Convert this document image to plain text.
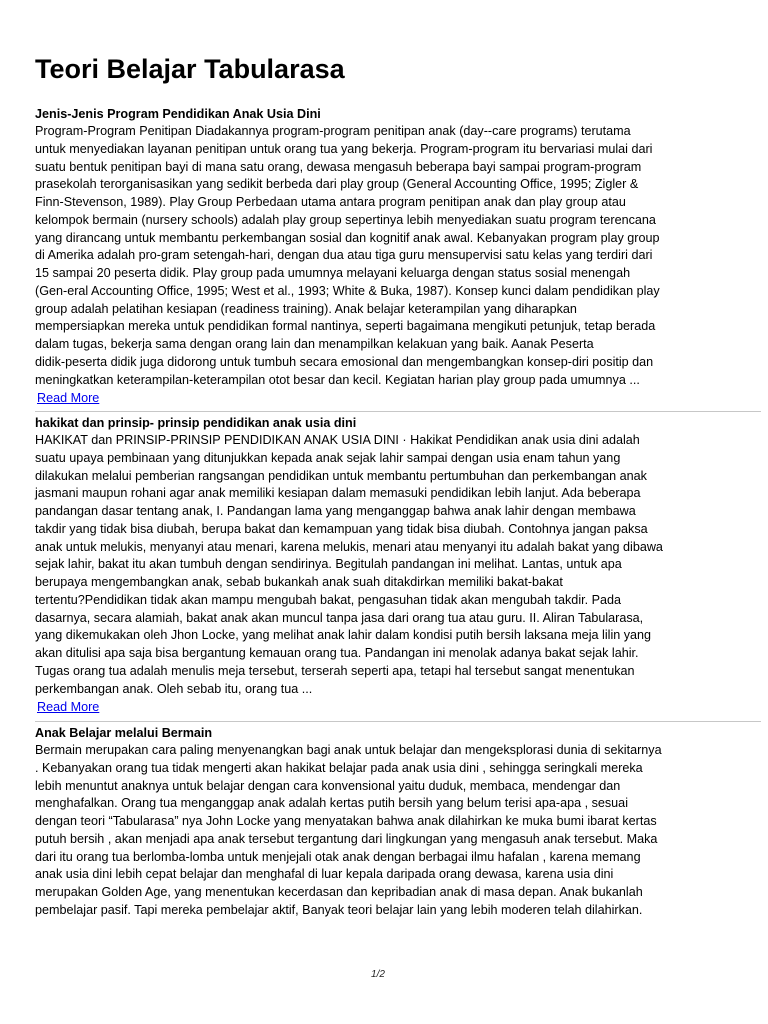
Teori Belajar Tabularasa
Jenis-Jenis Program Pendidikan Anak Usia Dini

Program-Program Penitipan Diadakannya program-program penitipan anak (day--care programs) terutama
untuk menyediakan layanan penitipan untuk orang tua yang bekerja. Program-program itu bervariasi mulai dari
suatu bentuk penitipan bayi di mana satu orang, dewasa mengasuh beberapa bayi sampai program-program
prasekolah terorganisasikan yang sedikit berbeda dari play group (General Accounting Office, 1995; Zigler &
Finn-Stevenson, 1989). Play Group Perbedaan utama antara program penitipan anak dan play group atau
kelompok bermain (nursery schools) adalah play group sepertinya lebih menyediakan suatu program terencana
yang dirancang untuk membantu perkembangan sosial dan kognitif anak awal. Kebanyakan program play group
di Amerika adalah pro-gram setengah-hari, dengan dua atau tiga guru mensupervisi satu kelas yang terdiri dari
15 sampai 20 peserta didik. Play group pada umumnya melayani keluarga dengan status sosial menengah
(Gen-eral Accounting Office, 1995; West et al., 1993; White & Buka, 1987). Konsep kunci dalam pendidikan play
group adalah pelatihan kesiapan (readiness training). Anak belajar keterampilan yang diharapkan
mempersiapkan mereka untuk pendidikan formal nantinya, seperti bagaimana mengikuti petunjuk, tetap berada
dalam tugas, bekerja sama dengan orang lain dan menampilkan kelakuan yang baik. Aanak Peserta
didik-peserta didik juga didorong untuk tumbuh secara emosional dan mengembangkan konsep-diri positip dan
meningkatkan keterampilan-keterampilan otot besar dan kecil. Kegiatan harian play group pada umumnya ...

Read More
hakikat dan prinsip- prinsip pendidikan anak usia dini

HAKIKAT dan PRINSIP-PRINSIP PENDIDIKAN ANAK USIA DINI · Hakikat Pendidikan anak usia dini adalah
suatu upaya pembinaan yang ditunjukkan kepada anak sejak lahir sampai dengan usia enam tahun yang
dilakukan melalui pemberian rangsangan pendidikan untuk membantu pertumbuhan dan perkembangan anak
jasmani maupun rohani agar anak memiliki kesiapan dalam memasuki pendidikan lebih lanjut. Ada beberapa
pandangan dasar tentang anak, I. Pandangan lama yang menganggap bahwa anak lahir dengan membawa
takdir yang tidak bisa diubah, berupa bakat dan kemampuan yang tidak bisa diubah. Contohnya jangan paksa
anak untuk melukis, menyanyi atau menari, karena melukis, menari atau menyanyi itu adalah bakat yang dibawa
sejak lahir, bakat itu akan tumbuh dengan sendirinya. Begitulah pandangan ini melihat. Lantas, untuk apa
berupaya mengembangkan anak, sebab bukankah anak suah ditakdirkan memiliki bakat-bakat
tertentu?Pendidikan tidak akan mampu mengubah bakat, pengasuhan tidak akan mengubah takdir. Pada
dasarnya, secara alamiah, bakat anak akan muncul tanpa jasa dari orang tua atau guru. II. Aliran Tabularasa,
yang dikemukakan oleh Jhon Locke, yang melihat anak lahir dalam kondisi putih bersih laksana meja lilin yang
akan ditulisi apa saja bisa bergantung kemauan orang tua. Pandangan ini menolak adanya bakat sejak lahir.
Tugas orang tua adalah menulis meja tersebut, terserah seperti apa, tetapi hal tersebut sangat menentukan
perkembangan anak. Oleh sebab itu, orang tua ...

Read More
Anak Belajar melalui Bermain

Bermain merupakan cara paling menyenangkan bagi anak untuk belajar dan mengeksplorasi dunia di sekitarnya
. Kebanyakan orang tua tidak mengerti akan hakikat belajar pada anak usia dini , sehingga seringkali mereka
lebih menuntut anaknya untuk belajar dengan cara konvensional yaitu duduk, membaca, mendengar dan
menghafalkan. Orang tua menganggap anak adalah kertas putih bersih yang belum terisi apa-apa , sesuai
dengan teori “Tabularasa” nya John Locke yang menyatakan bahwa anak dilahirkan ke muka bumi ibarat kertas
putuh bersih , akan menjadi apa anak tersebut tergantung dari lingkungan yang mengasuh anak tersebut. Maka
dari itu orang tua berlomba-lomba untuk menjejali otak anak dengan berbagai ilmu hafalan , karena memang
anak usia dini lebih cepat belajar dan menghafal di luar kepala daripada orang dewasa, karena usia dini
merupakan Golden Age, yang menentukan kecerdasan dan kepribadian anak di masa depan. Anak bukanlah
pembelajar pasif. Tapi mereka pembelajar aktif, Banyak teori belajar lain yang lebih moderen telah dilahirkan.

1/2
